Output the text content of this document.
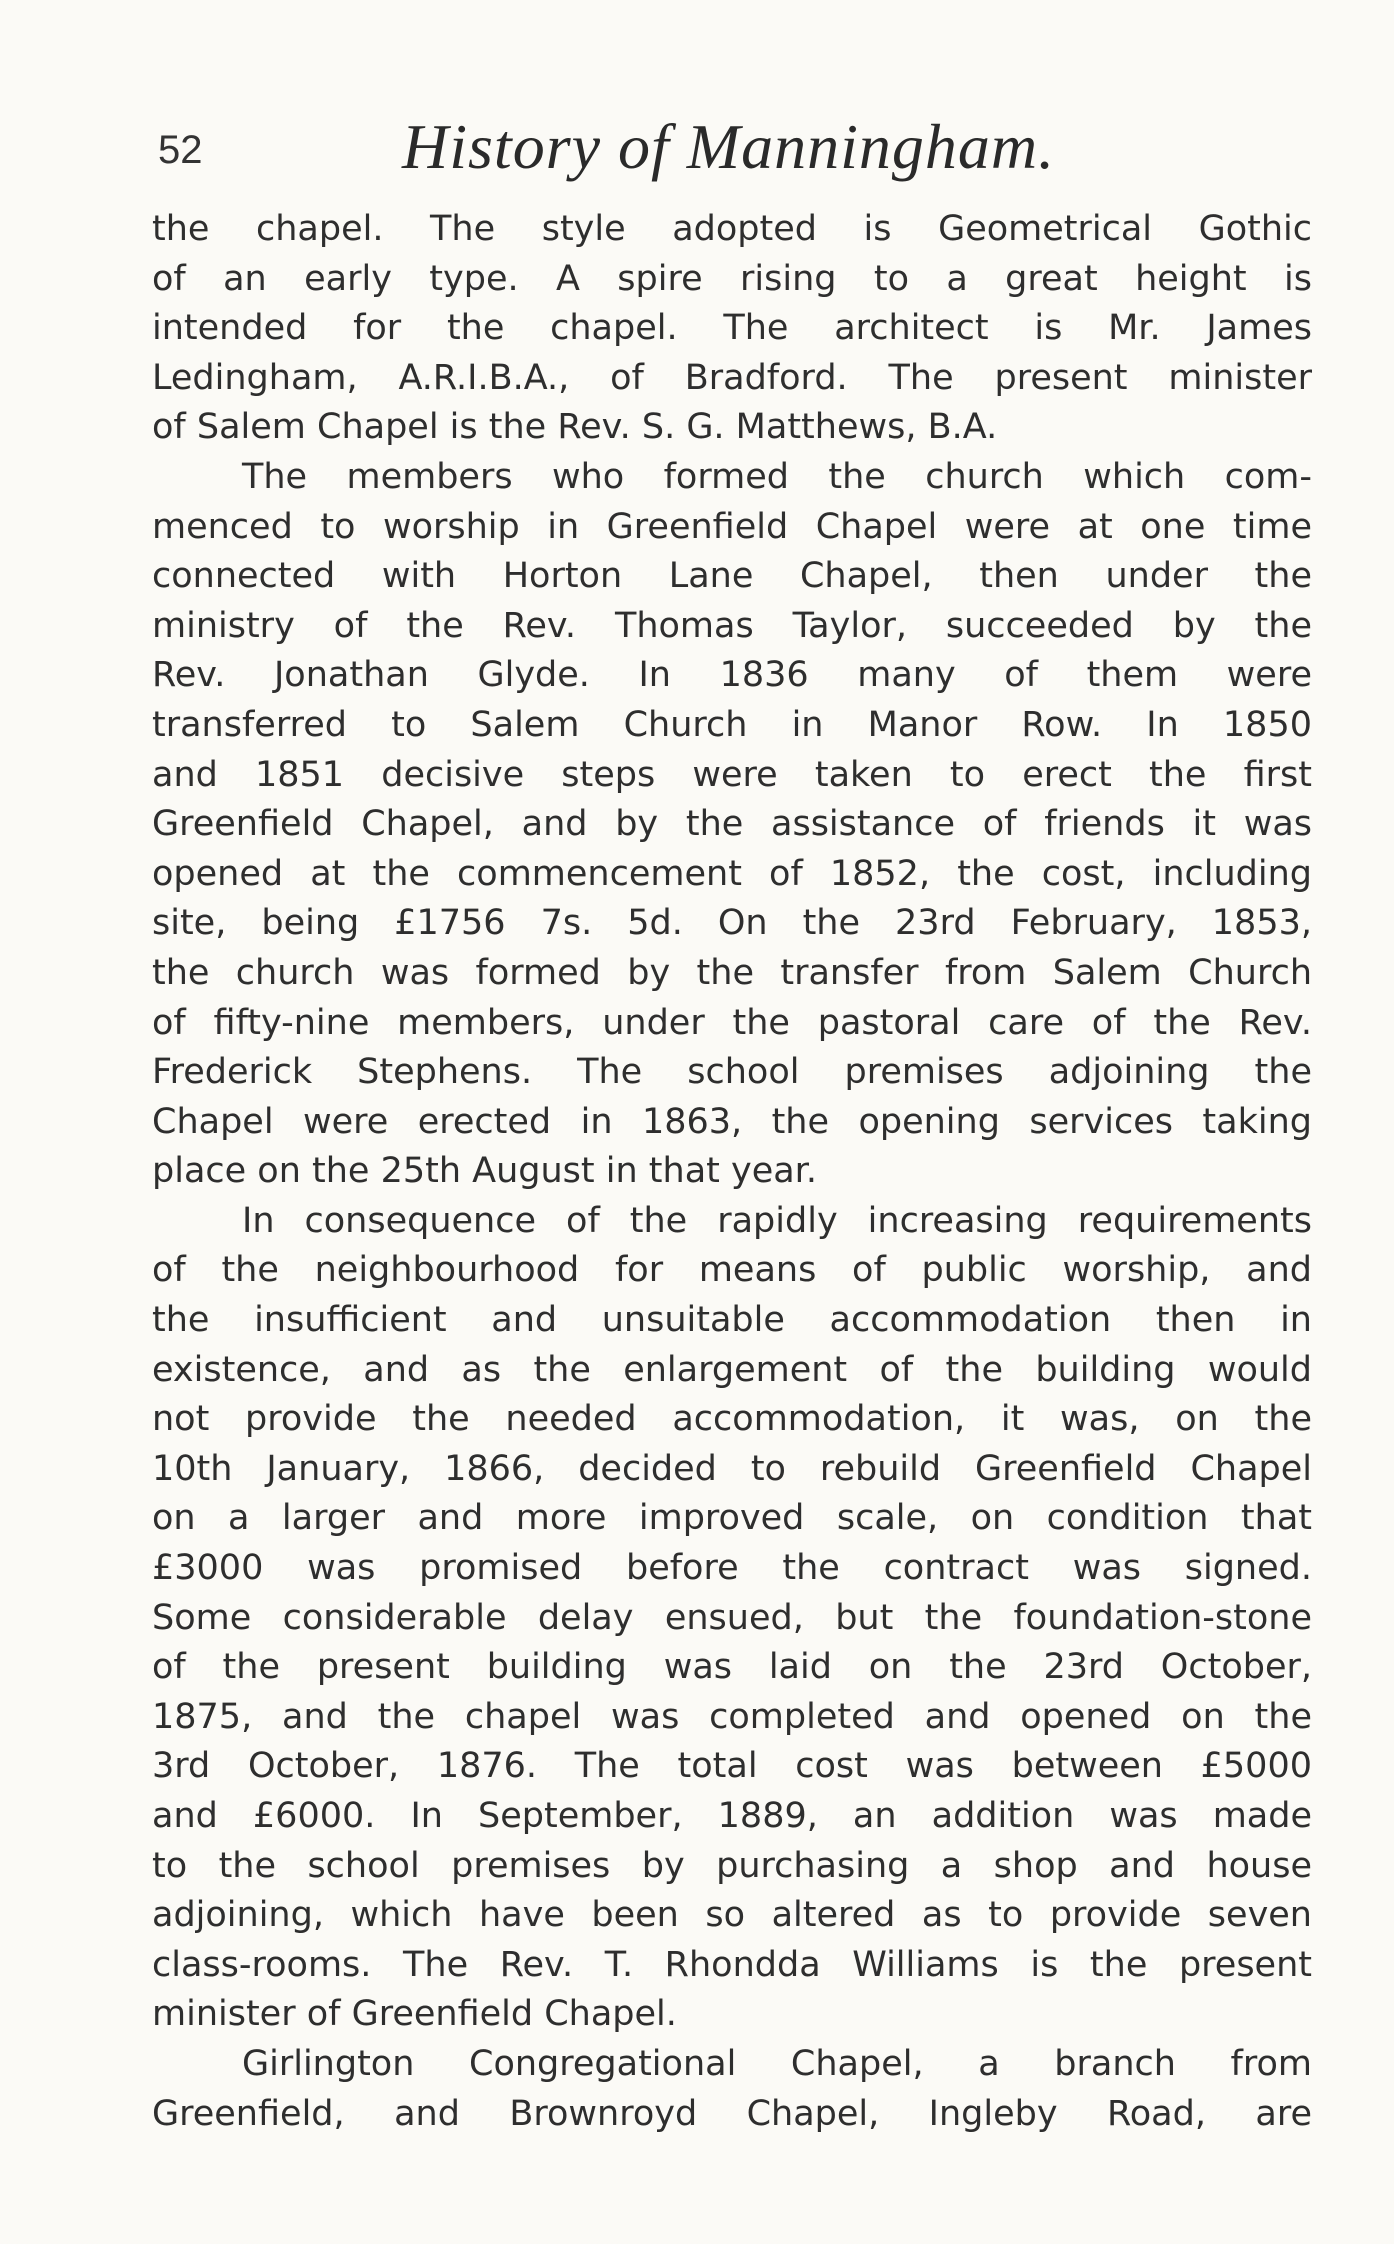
52	History of Manningham.
the chapel. The style adopted is Geometrical Gothic
of an early type. A spire rising to a great height is
intended for the chapel. The architect is Mr. James
Ledingham, A.R.I.B.A., of Bradford. The present minister
of Salem Chapel is the Rev. S. G. Matthews, B.A.
The members who formed the church which com-
menced to worship in Greenfield Chapel were at one time
connected with Horton Lane Chapel, then under the
ministry of the Rev. Thomas Taylor, succeeded by the
Rev. Jonathan Glyde. In 1836 many of them were
transferred to Salem Church in Manor Row. In 1850
and 1851 decisive steps were taken to erect the first
Greenfield Chapel, and by the assistance of friends it was
opened at the commencement of 1852, the cost, including
site, being £1756 7s. 5d. On the 23rd February, 1853,
the church was formed by the transfer from Salem Church
of fifty-nine members, under the pastoral care of the Rev.
Frederick Stephens. The school premises adjoining the
Chapel were erected in 1863, the opening services taking
place on the 25th August in that year.
In consequence of the rapidly increasing requirements
of the neighbourhood for means of public worship, and
the insufficient and unsuitable accommodation then in
existence, and as the enlargement of the building would
not provide the needed accommodation, it was, on the
10th January, 1866, decided to rebuild Greenfield Chapel
on a larger and more improved scale, on condition that
£3000 was promised before the contract was signed.
Some considerable delay ensued, but the foundation-stone
of the present building was laid on the 23rd October,
1875, and the chapel was completed and opened on the
3rd October, 1876. The total cost was between £5000
and £6000. In September, 1889, an addition was made
to the school premises by purchasing a shop and house
adjoining, which have been so altered as to provide seven
class-rooms. The Rev. T. Rhondda Williams is the present
minister of Greenfield Chapel.
Girlington Congregational Chapel, a branch from
Greenfield, and Brownroyd Chapel, Ingleby Road, are
